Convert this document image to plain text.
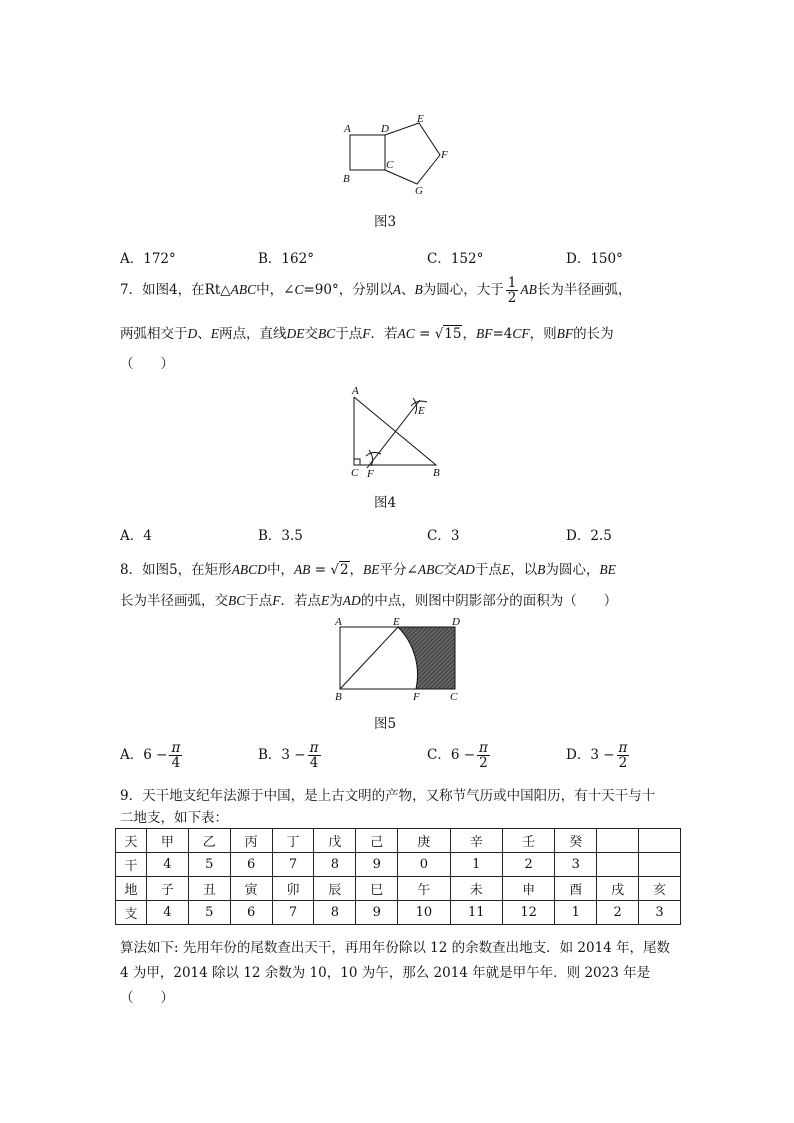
A	D
E
F
G
C
B
图3
A．172°	B．162°	C．152°	D．150°
7．如图4，在Rt△ABC中，∠C=90°，分别以A、B为圆心，大于 $\frac{1}{2}$ AB长为半径画弧，
两弧相交于D、E两点，直线DE交BC于点F．若AC = √15，BF=4CF，则BF的长为
（　　）
A
E
C F	B
图4
A．4	B．3.5	C．3	D．2.5
8．如图5，在矩形ABCD中，AB = √2，BE平分∠ABC交AD于点E，以B为圆心，BE
长为半径画弧，交BC于点F．若点E为AD的中点，则图中阴影部分的面积为（　　）
A	E	D
B	F	C
图5
A．$6 - \frac{\pi}{4}$	B．$3 - \frac{\pi}{4}$	C．$6 - \frac{\pi}{2}$	D．$3 - \frac{\pi}{2}$
9．天干地支纪年法源于中国，是上古文明的产物，又称节气历或中国阳历，有十天干与十
二地支，如下表：
天	甲	乙	丙	丁	戊	己	庚	辛	壬	癸		
干	4	5	6	7	8	9	0	1	2	3		
地	子	丑	寅	卯	辰	巳	午	未	申	酉	戌	亥
支	4	5	6	7	8	9	10	11	12	1	2	3
算法如下: 先用年份的尾数查出天干，再用年份除以 12 的余数查出地支．如 2014 年，尾数
4 为甲，2014 除以 12 余数为 10，10 为午，那么 2014 年就是甲午年．则 2023 年是
（　　）
